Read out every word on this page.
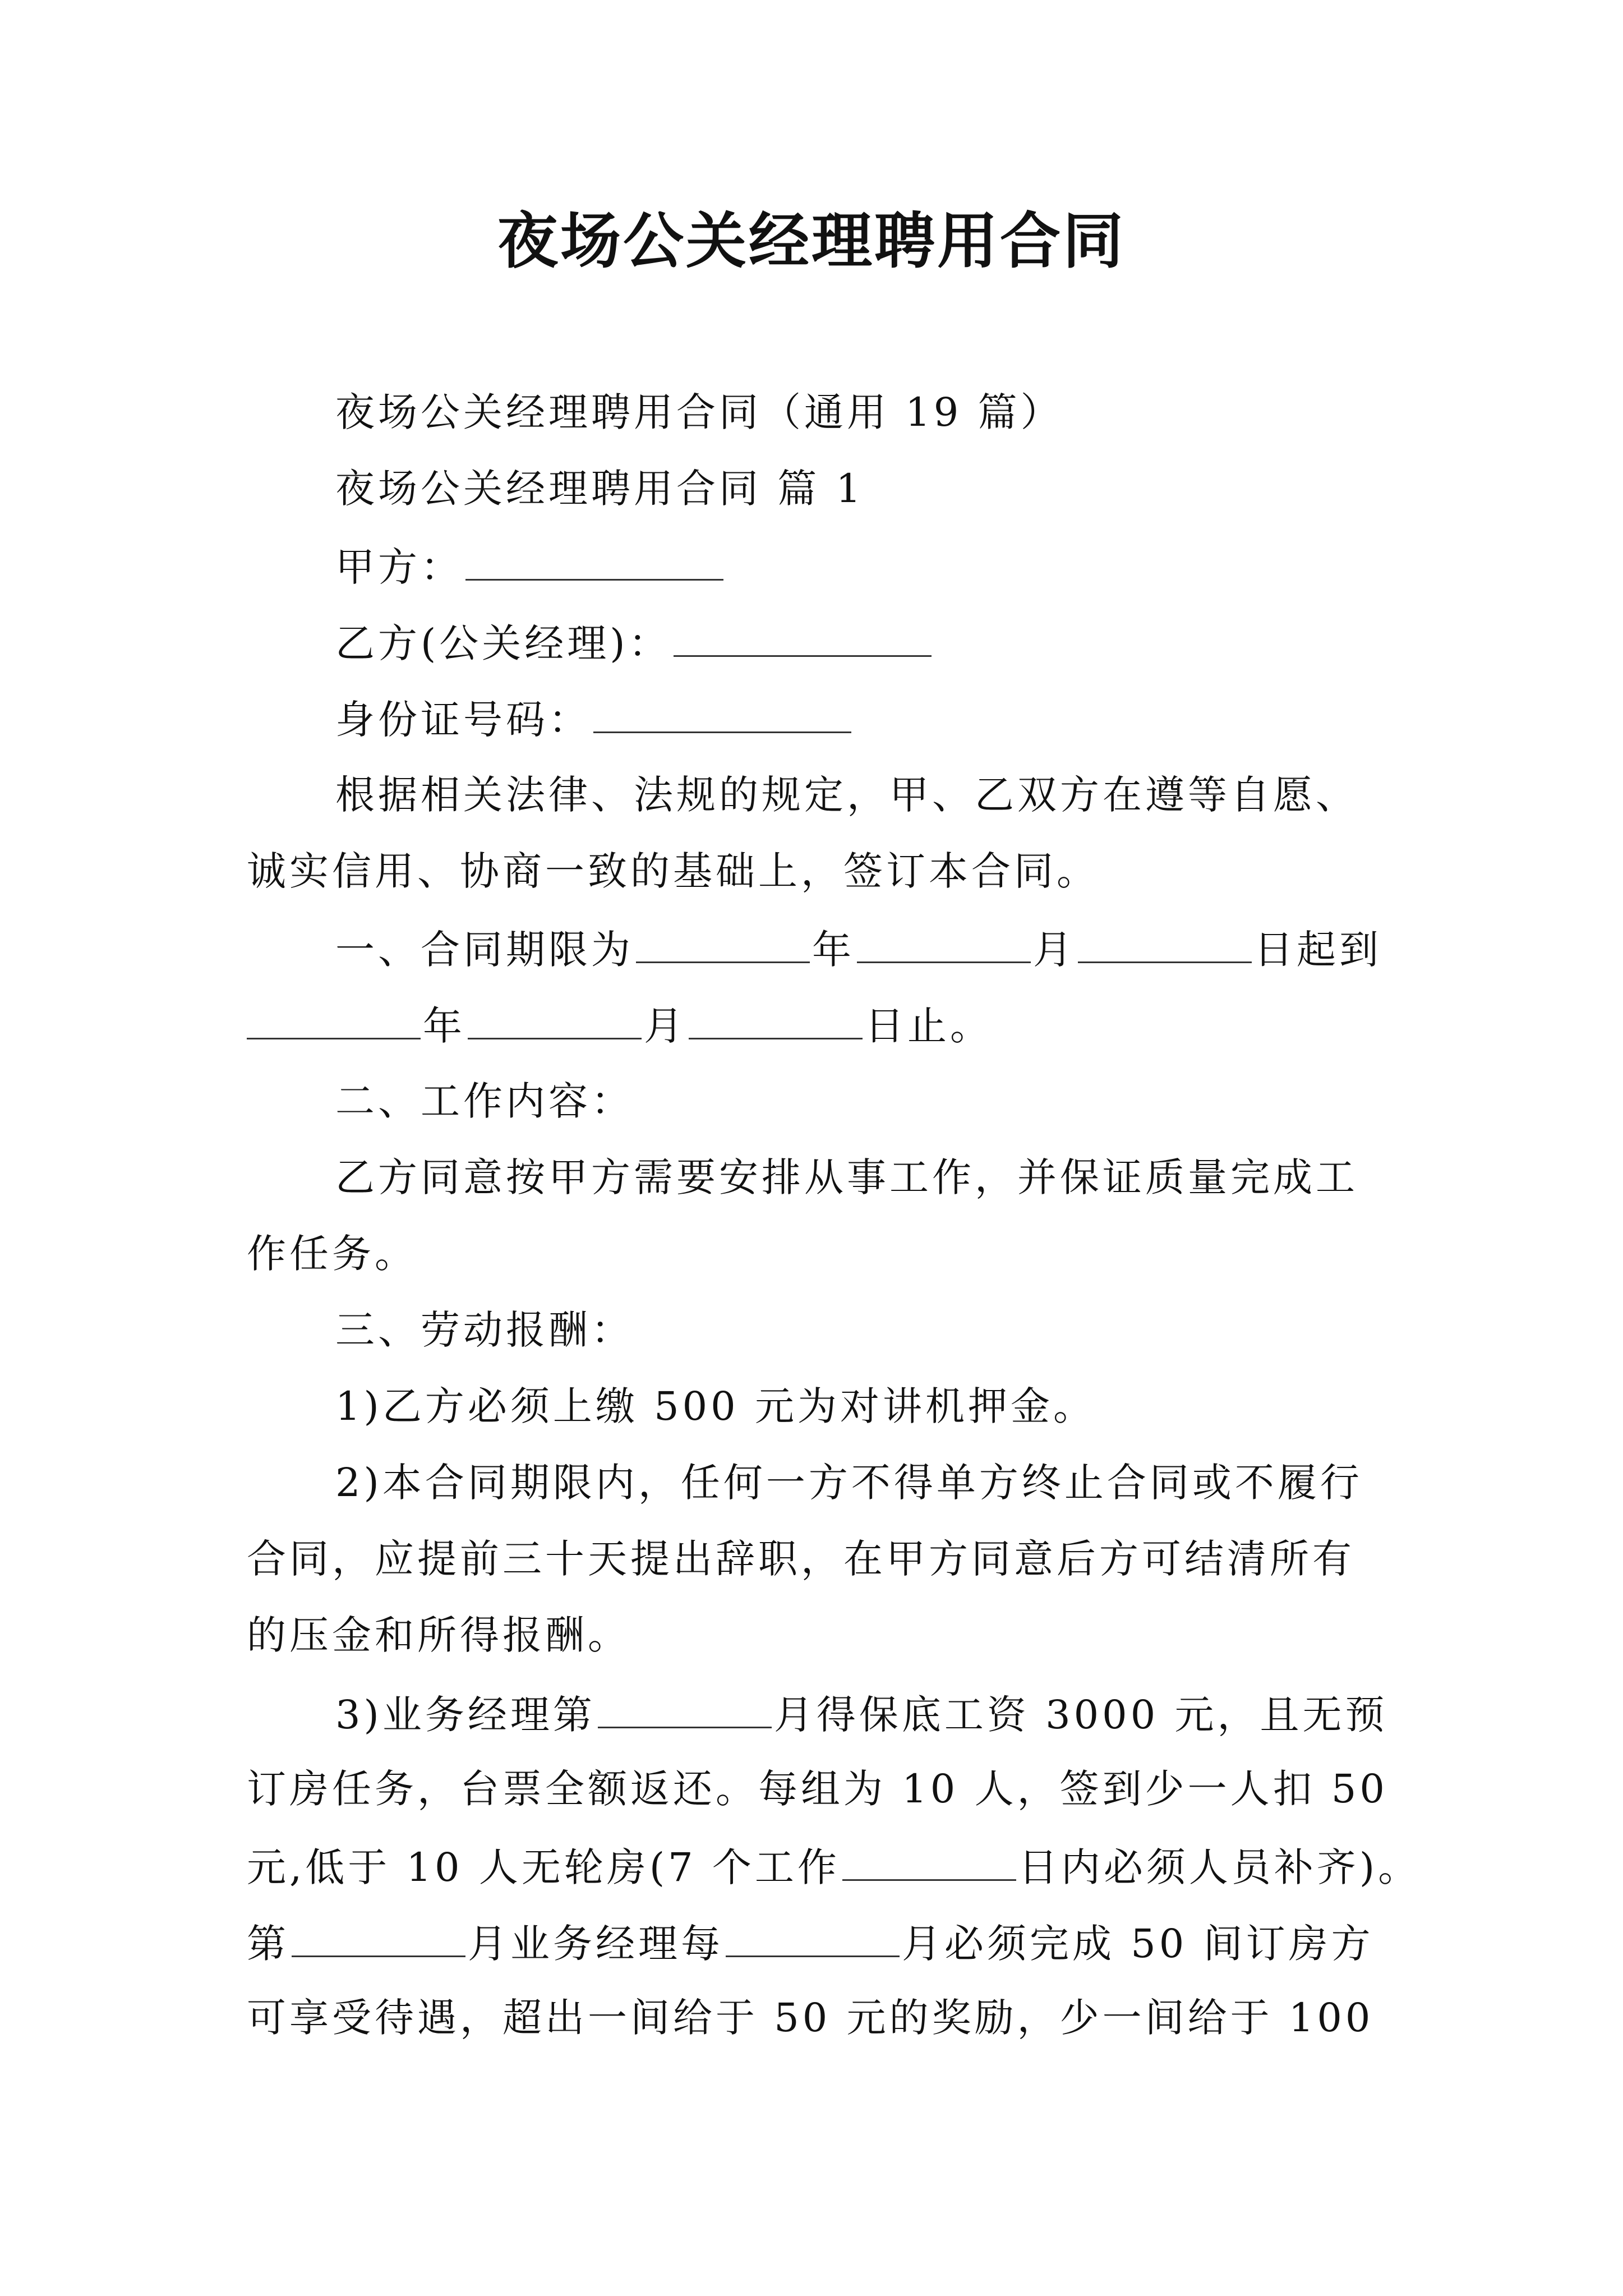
夜场公关经理聘用合同
夜场公关经理聘用合同（通用 19 篇）
夜场公关经理聘用合同 篇 1
甲方：
乙方(公关经理)：
身份证号码：
根据相关法律、法规的规定，甲、乙双方在遵等自愿、
诚实信用、协商一致的基础上，签订本合同。
一、合同期限为	年	月	日起到
年	月	日止。
二、工作内容：
乙方同意按甲方需要安排从事工作，并保证质量完成工
作任务。
三、劳动报酬：
1)乙方必须上缴 500 元为对讲机押金。
2)本合同期限内，任何一方不得单方终止合同或不履行
合同，应提前三十天提出辞职，在甲方同意后方可结清所有
的压金和所得报酬。
3)业务经理第	月得保底工资 3000 元，且无预
订房任务，台票全额返还。每组为 10 人，签到少一人扣 50
元,低于 10 人无轮房(7 个工作	日内必须人员补齐)。
第	月业务经理每	月必须完成 50 间订房方
可享受待遇，超出一间给于 50 元的奖励，少一间给于 100
